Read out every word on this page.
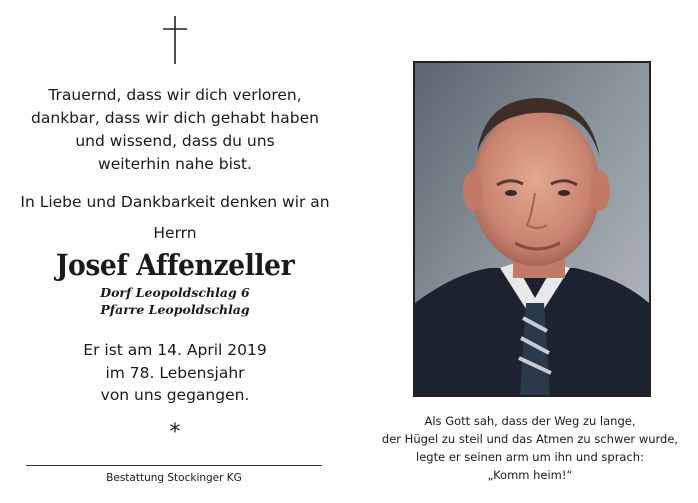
Trauernd, dass wir dich verloren,
dankbar, dass wir dich gehabt haben
und wissend, dass du uns
weiterhin nahe bist.
In Liebe und Dankbarkeit denken wir an
Herrn
Josef Affenzeller
Dorf Leopoldschlag 6
Pfarre Leopoldschlag
Er ist am 14. April 2019
im 78. Lebensjahr
von uns gegangen.
*
Bestattung Stockinger KG
Als Gott sah, dass der Weg zu lange,
der Hügel zu steil und das Atmen zu schwer wurde,
legte er seinen arm um ihn und sprach:
„Komm heim!“
